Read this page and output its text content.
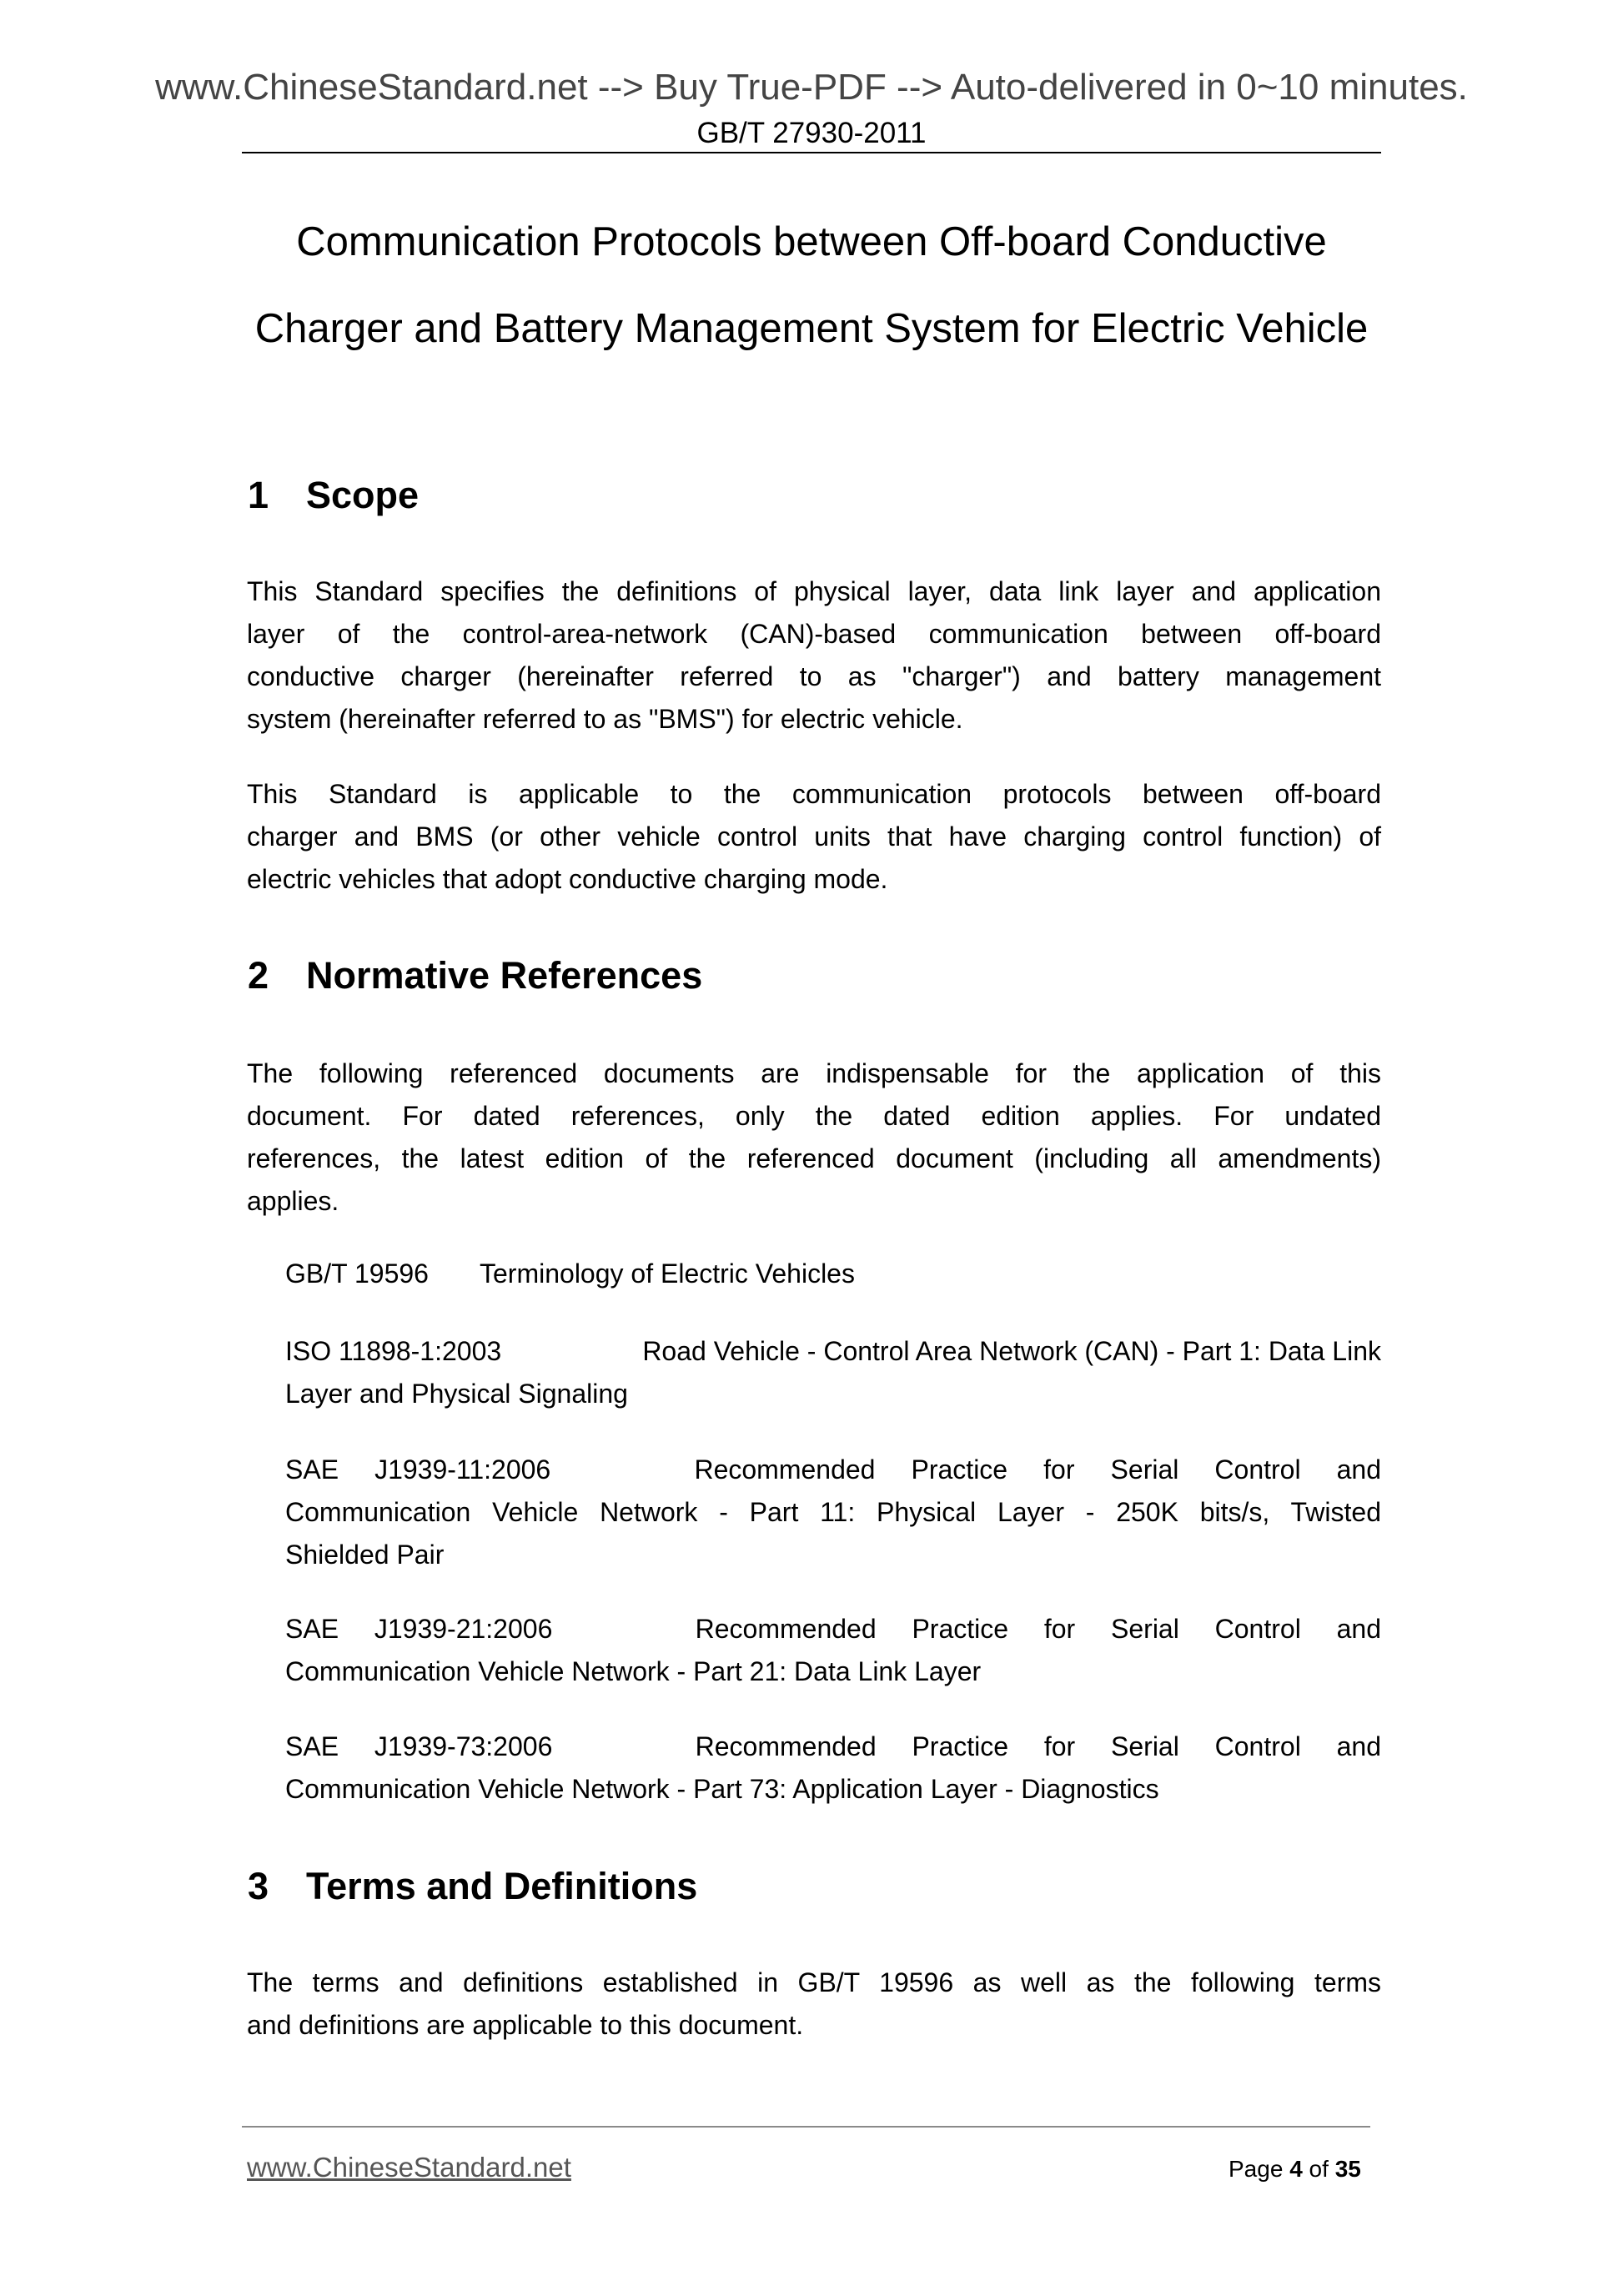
www.ChineseStandard.net --> Buy True-PDF --> Auto-delivered in 0~10 minutes.
GB/T 27930-2011
Communication Protocols between Off-board Conductive
Charger and Battery Management System for Electric Vehicle
1 Scope
This Standard specifies the definitions of physical layer, data link layer and application
layer of the control-area-network (CAN)-based communication between off-board
conductive charger (hereinafter referred to as "charger") and battery management
system (hereinafter referred to as "BMS") for electric vehicle.
This Standard is applicable to the communication protocols between off-board
charger and BMS (or other vehicle control units that have charging control function) of
electric vehicles that adopt conductive charging mode.
2 Normative References
The following referenced documents are indispensable for the application of this
document. For dated references, only the dated edition applies. For undated
references, the latest edition of the referenced document (including all amendments)
applies.
GB/T 19596 Terminology of Electric Vehicles
ISO 11898-1:2003	Road Vehicle - Control Area Network (CAN) - Part 1: Data Link
Layer and Physical Signaling
SAE J1939-11:2006	Recommended Practice for Serial Control and
Communication Vehicle Network - Part 11: Physical Layer - 250K bits/s, Twisted
Shielded Pair
SAE J1939-21:2006	Recommended Practice for Serial Control and
Communication Vehicle Network - Part 21: Data Link Layer
SAE J1939-73:2006	Recommended Practice for Serial Control and
Communication Vehicle Network - Part 73: Application Layer - Diagnostics
3 Terms and Definitions
The terms and definitions established in GB/T 19596 as well as the following terms
and definitions are applicable to this document.
www.ChineseStandard.net	Page 4 of 35
